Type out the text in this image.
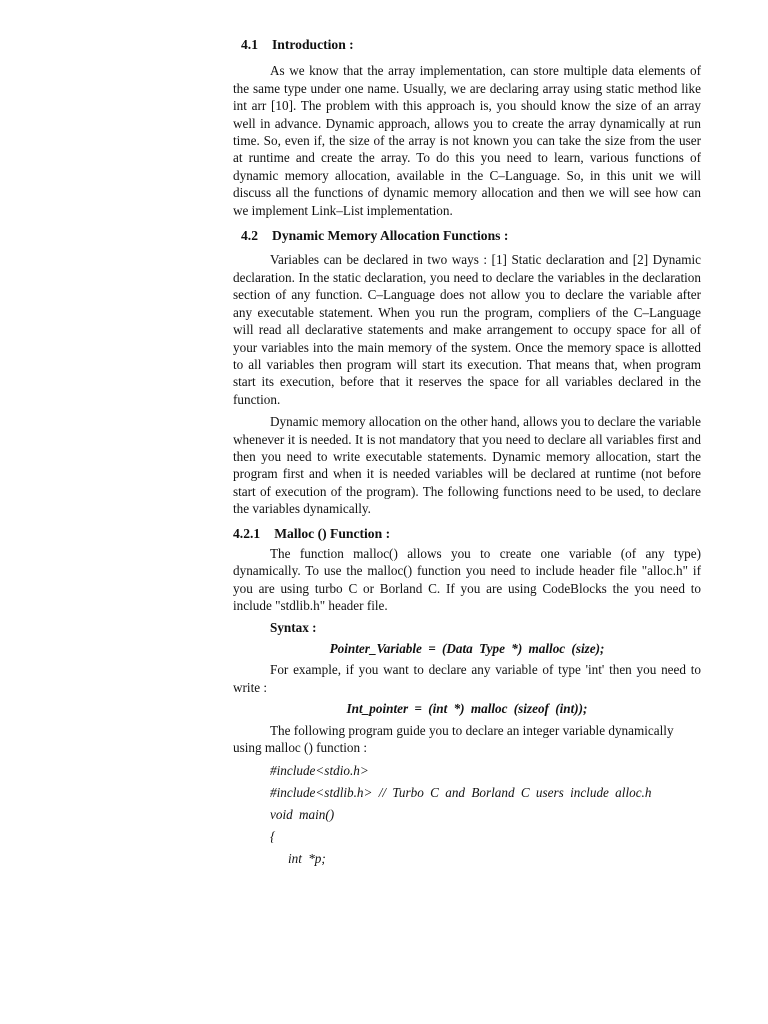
4.1 Introduction :

As we know that the array implementation, can store multiple data elements of the same type under one name. Usually, we are declaring array using static method like int arr [10]. The problem with this approach is, you should know the size of an array well in advance. Dynamic approach, allows you to create the array dynamically at run time. So, even if, the size of the array is not known you can take the size from the user at runtime and create the array. To do this you need to learn, various functions of dynamic memory allocation, available in the C–Language. So, in this unit we will discuss all the functions of dynamic memory allocation and then we will see how can we implement Link–List implementation.

4.2 Dynamic Memory Allocation Functions :

Variables can be declared in two ways : [1] Static declaration and [2] Dynamic declaration. In the static declaration, you need to declare the variables in the declaration section of any function. C–Language does not allow you to declare the variable after any executable statement. When you run the program, compliers of the C–Language will read all declarative statements and make arrangement to occupy space for all of your variables into the main memory of the system. Once the memory space is allotted to all variables then program will start its execution. That means that, when program start its execution, before that it reserves the space for all variables declared in the function.

Dynamic memory allocation on the other hand, allows you to declare the variable whenever it is needed. It is not mandatory that you need to declare all variables first and then you need to write executable statements. Dynamic memory allocation, start the program first and when it is needed variables will be declared at runtime (not before start of execution of the program). The following functions need to be used, to declare the variables dynamically.

4.2.1 Malloc () Function :

The function malloc() allows you to create one variable (of any type) dynamically. To use the malloc() function you need to include header file "alloc.h" if you are using turbo C or Borland C. If you are using CodeBlocks the you need to include "stdlib.h" header file.

Syntax :
Pointer_Variable = (Data Type *) malloc (size);

For example, if you want to declare any variable of type 'int' then you need to write :

Int_pointer = (int *) malloc (sizeof (int));

The following program guide you to declare an integer variable dynamically using malloc () function :

#include<stdio.h>
#include<stdlib.h> // Turbo C and Borland C users include alloc.h
void main()
{
int *p;
